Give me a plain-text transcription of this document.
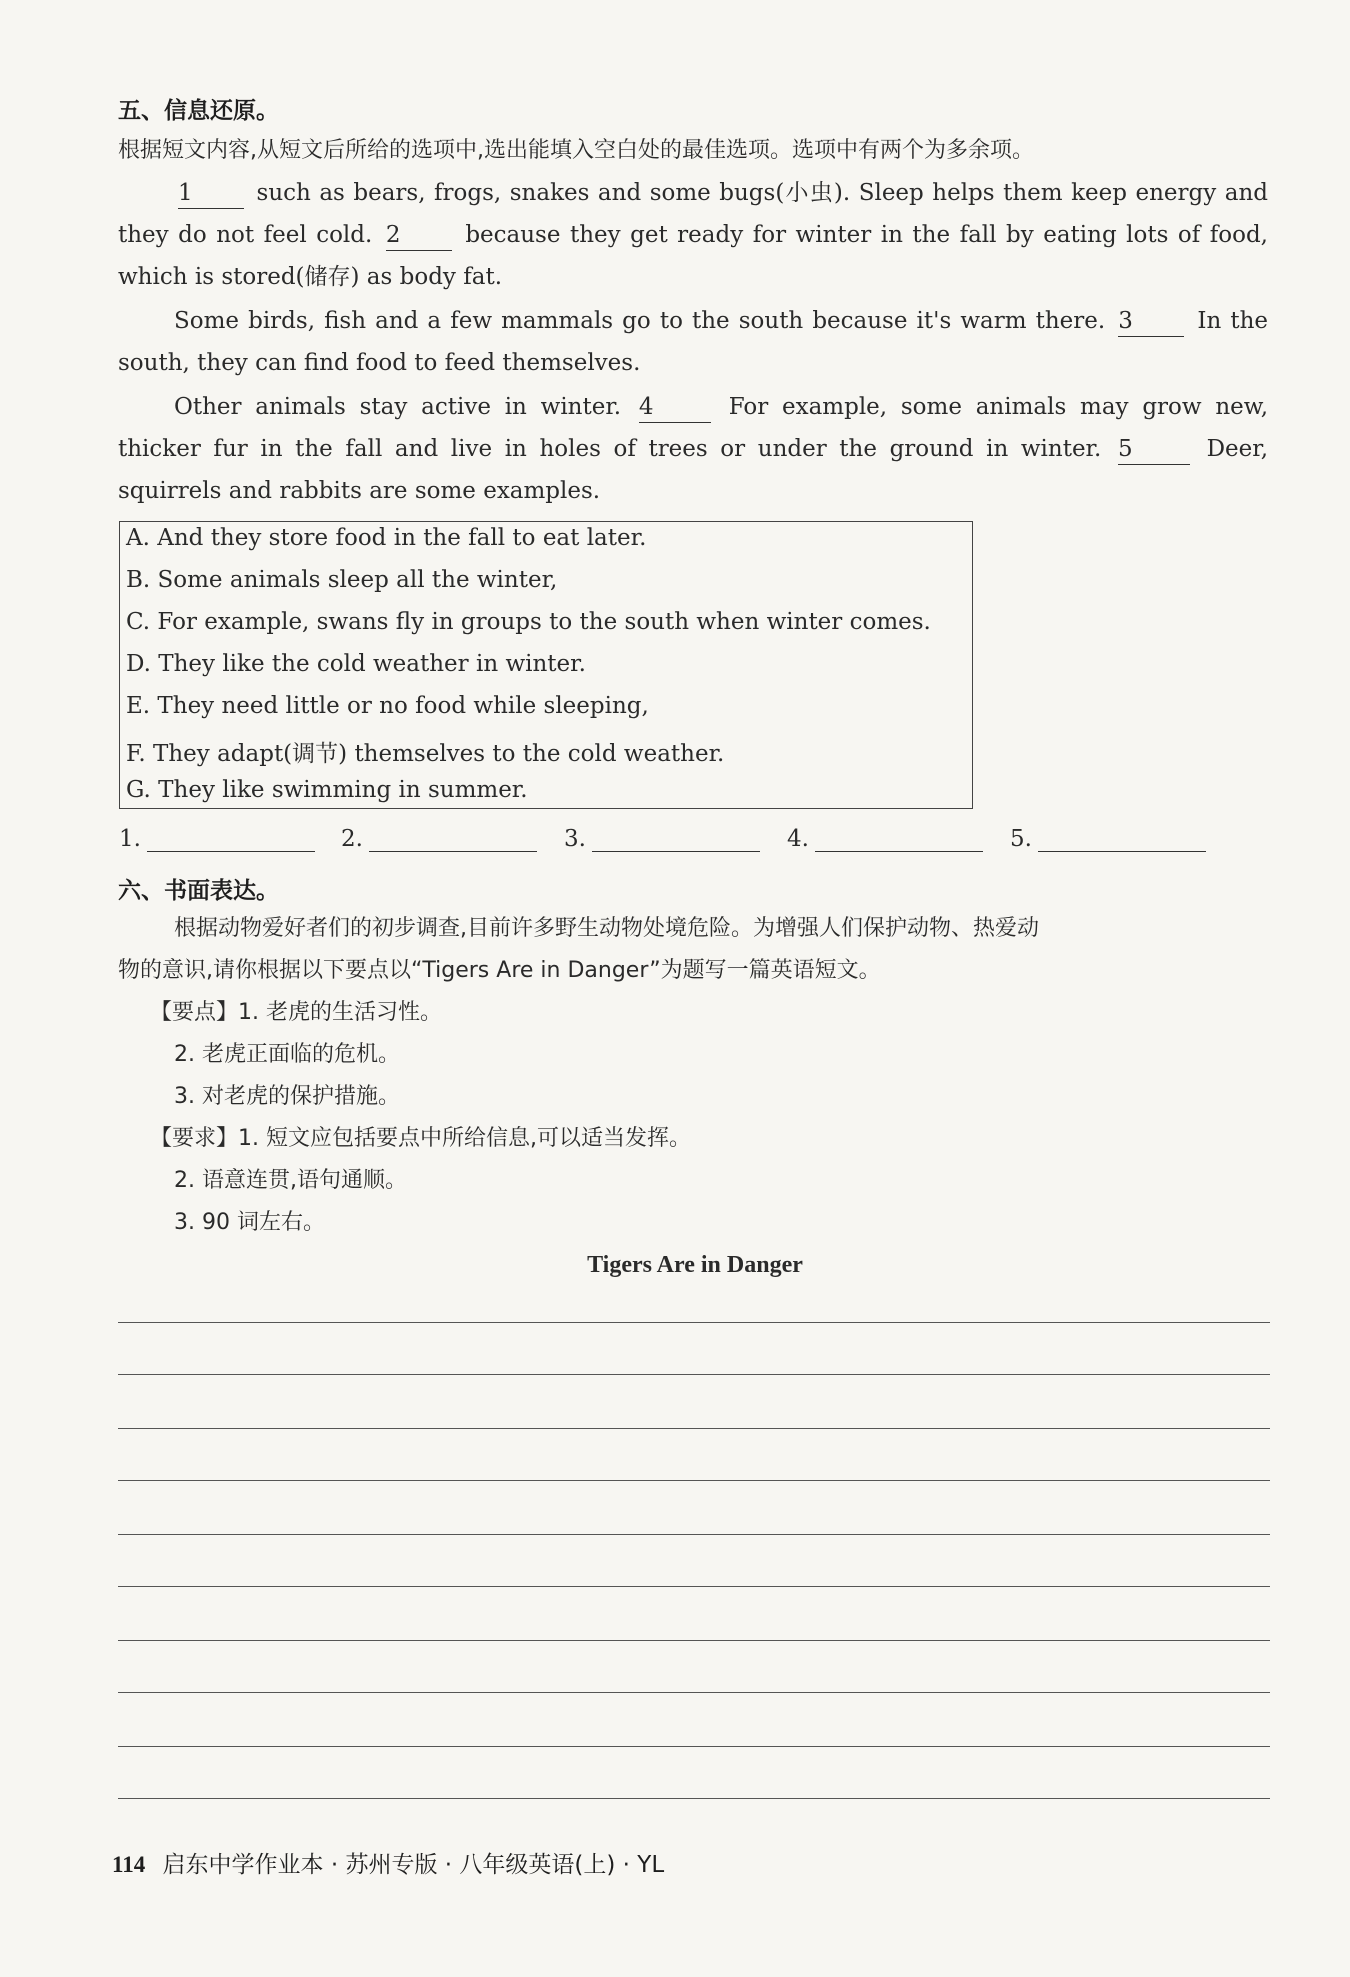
五、信息还原。
根据短文内容,从短文后所给的选项中,选出能填入空白处的最佳选项。选项中有两个为多余项。
1	such as bears, frogs, snakes and some bugs(小虫). Sleep helps them keep energy and
they do not feel cold. 2	because they get ready for winter in the fall by eating lots of food,
which is stored(储存) as body fat.
Some birds, fish and a few mammals go to the south because it's warm there. 3	In the
south, they can find food to feed themselves.
Other animals stay active in winter. 4	For example, some animals may grow new,
thicker fur in the fall and live in holes of trees or under the ground in winter. 5	Deer,
squirrels and rabbits are some examples.
A. And they store food in the fall to eat later.
B. Some animals sleep all the winter,
C. For example, swans fly in groups to the south when winter comes.
D. They like the cold weather in winter.
E. They need little or no food while sleeping,
F. They adapt(调节) themselves to the cold weather.
G. They like swimming in summer.
1.	2.	3.	4.	5.
六、书面表达。
根据动物爱好者们的初步调查,目前许多野生动物处境危险。为增强人们保护动物、热爱动
物的意识,请你根据以下要点以“Tigers Are in Danger”为题写一篇英语短文。
【要点】1. 老虎的生活习性。
2. 老虎正面临的危机。
3. 对老虎的保护措施。
【要求】1. 短文应包括要点中所给信息,可以适当发挥。
2. 语意连贯,语句通顺。
3. 90 词左右。
Tigers Are in Danger
114 启东中学作业本 · 苏州专版 · 八年级英语(上) · YL
